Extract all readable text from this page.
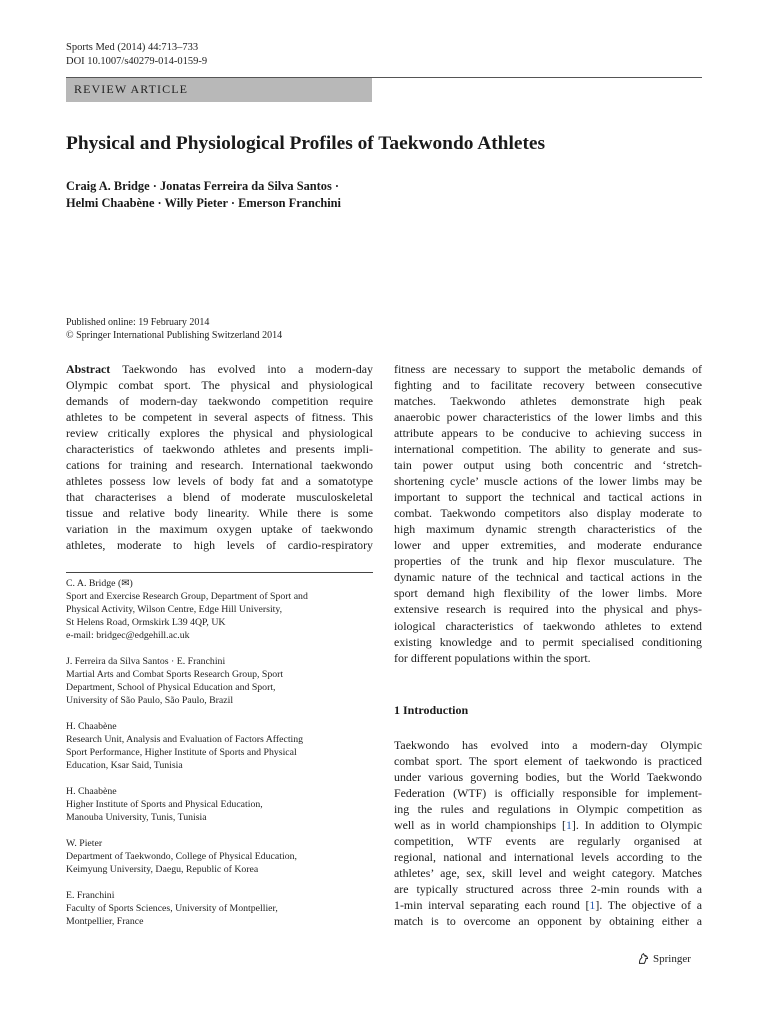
Sports Med (2014) 44:713–733
DOI 10.1007/s40279-014-0159-9
REVIEW ARTICLE
Physical and Physiological Profiles of Taekwondo Athletes
Craig A. Bridge · Jonatas Ferreira da Silva Santos ·
Helmi Chaabène · Willy Pieter · Emerson Franchini
Published online: 19 February 2014
© Springer International Publishing Switzerland 2014
Abstract Taekwondo has evolved into a modern-day
Olympic combat sport. The physical and physiological
demands of modern-day taekwondo competition require
athletes to be competent in several aspects of fitness. This
review critically explores the physical and physiological
characteristics of taekwondo athletes and presents impli-
cations for training and research. International taekwondo
athletes possess low levels of body fat and a somatotype
that characterises a blend of moderate musculoskeletal
tissue and relative body linearity. While there is some
variation in the maximum oxygen uptake of taekwondo
athletes, moderate to high levels of cardio-respiratory
fitness are necessary to support the metabolic demands of
fighting and to facilitate recovery between consecutive
matches. Taekwondo athletes demonstrate high peak
anaerobic power characteristics of the lower limbs and this
attribute appears to be conducive to achieving success in
international competition. The ability to generate and sus-
tain power output using both concentric and ‘stretch-
shortening cycle’ muscle actions of the lower limbs may be
important to support the technical and tactical actions in
combat. Taekwondo competitors also display moderate to
high maximum dynamic strength characteristics of the
lower and upper extremities, and moderate endurance
properties of the trunk and hip flexor musculature. The
dynamic nature of the technical and tactical actions in the
sport demand high flexibility of the lower limbs. More
extensive research is required into the physical and phys-
iological characteristics of taekwondo athletes to extend
existing knowledge and to permit specialised conditioning
for different populations within the sport.
C. A. Bridge (✉)
Sport and Exercise Research Group, Department of Sport and
Physical Activity, Wilson Centre, Edge Hill University,
St Helens Road, Ormskirk L39 4QP, UK
e-mail: bridgec@edgehill.ac.uk
J. Ferreira da Silva Santos · E. Franchini
Martial Arts and Combat Sports Research Group, Sport
Department, School of Physical Education and Sport,
University of São Paulo, São Paulo, Brazil
H. Chaabène
Research Unit, Analysis and Evaluation of Factors Affecting
Sport Performance, Higher Institute of Sports and Physical
Education, Ksar Said, Tunisia
H. Chaabène
Higher Institute of Sports and Physical Education,
Manouba University, Tunis, Tunisia
W. Pieter
Department of Taekwondo, College of Physical Education,
Keimyung University, Daegu, Republic of Korea
E. Franchini
Faculty of Sports Sciences, University of Montpellier,
Montpellier, France
1 Introduction
Taekwondo has evolved into a modern-day Olympic
combat sport. The sport element of taekwondo is practiced
under various governing bodies, but the World Taekwondo
Federation (WTF) is officially responsible for implement-
ing the rules and regulations in Olympic competition as
well as in world championships [1]. In addition to Olympic
competition, WTF events are regularly organised at
regional, national and international levels according to the
athletes’ age, sex, skill level and weight category. Matches
are typically structured across three 2-min rounds with a
1-min interval separating each round [1]. The objective of a
match is to overcome an opponent by obtaining either a
Springer
